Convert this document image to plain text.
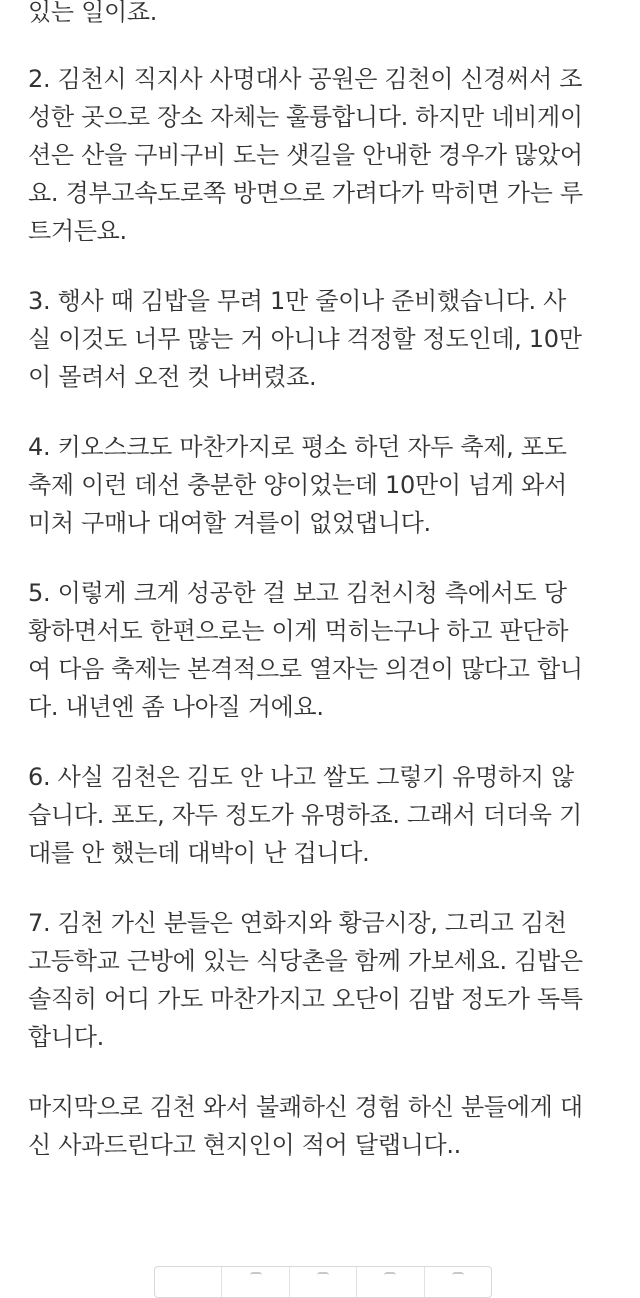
있는 일이죠.
2. 김천시 직지사 사명대사 공원은 김천이 신경써서 조
성한 곳으로 장소 자체는 훌륭합니다. 하지만 네비게이
션은 산을 구비구비 도는 샛길을 안내한 경우가 많았어
요. 경부고속도로쪽 방면으로 가려다가 막히면 가는 루
트거든요.
3. 행사 때 김밥을 무려 1만 줄이나 준비했습니다. 사
실 이것도 너무 많는 거 아니냐 걱정할 정도인데, 10만
이 몰려서 오전 컷 나버렸죠.
4. 키오스크도 마찬가지로 평소 하던 자두 축제, 포도
축제 이런 데선 충분한 양이었는데 10만이 넘게 와서
미처 구매나 대여할 겨를이 없었댑니다.
5. 이렇게 크게 성공한 걸 보고 김천시청 측에서도 당
황하면서도 한편으로는 이게 먹히는구나 하고 판단하
여 다음 축제는 본격적으로 열자는 의견이 많다고 합니
다. 내년엔 좀 나아질 거에요.
6. 사실 김천은 김도 안 나고 쌀도 그렇기 유명하지 않
습니다. 포도, 자두 정도가 유명하죠. 그래서 더더욱 기
대를 안 했는데 대박이 난 겁니다.
7. 김천 가신 분들은 연화지와 황금시장, 그리고 김천
고등학교 근방에 있는 식당촌을 함께 가보세요. 김밥은
솔직히 어디 가도 마찬가지고 오단이 김밥 정도가 독특
합니다.
마지막으로 김천 와서 불쾌하신 경험 하신 분들에게 대
신 사과드린다고 현지인이 적어 달랩니다..
